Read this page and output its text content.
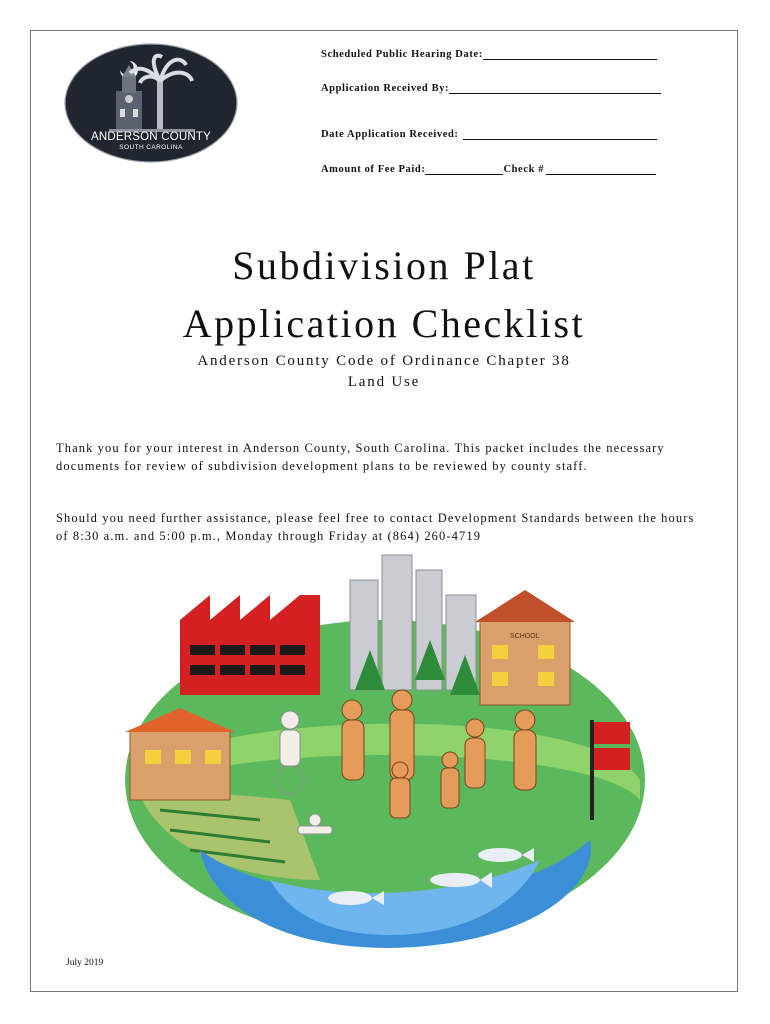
ANDERSON COUNTY
SOUTH CAROLINA
Scheduled Public Hearing Date:
Application Received By:
Date Application Received:
Amount of Fee Paid:	Check #
Subdivision Plat
Application Checklist
Anderson County Code of Ordinance Chapter 38
Land Use
Thank you for your interest in Anderson County, South Carolina. This packet includes the necessary documents for review of subdivision development plans to be reviewed by county staff.
Should you need further assistance, please feel free to contact Development Standards between the hours of 8:30 a.m. and 5:00 p.m., Monday through Friday at (864) 260-4719
SCHOOL
July 2019
